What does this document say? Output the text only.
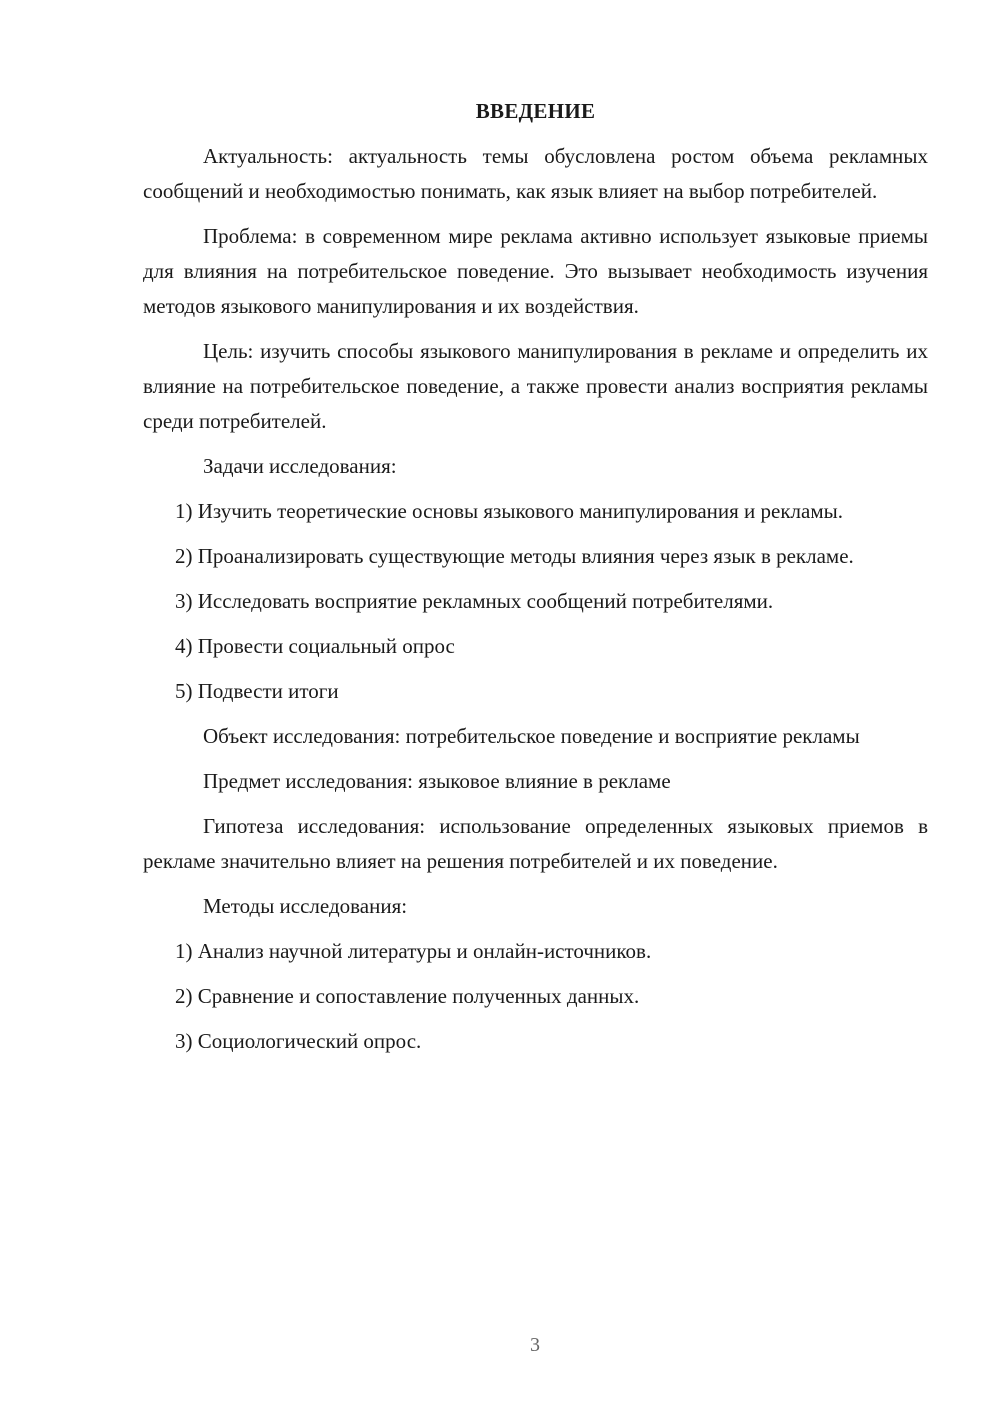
ВВЕДЕНИЕ

Актуальность: актуальность темы обусловлена ростом объема рекламных сообщений и необходимостью понимать, как язык влияет на выбор потребителей.

Проблема: в современном мире реклама активно использует языковые приемы для влияния на потребительское поведение. Это вызывает необходимость изучения методов языкового манипулирования и их воздействия.

Цель: изучить способы языкового манипулирования в рекламе и определить их влияние на потребительское поведение, а также провести анализ восприятия рекламы среди потребителей.

Задачи исследования:

1) Изучить теоретические основы языкового манипулирования и рекламы.

2) Проанализировать существующие методы влияния через язык в рекламе.

3) Исследовать восприятие рекламных сообщений потребителями.

4) Провести социальный опрос

5) Подвести итоги

Объект исследования: потребительское поведение и восприятие рекламы

Предмет исследования: языковое влияние в рекламе

Гипотеза исследования: использование определенных языковых приемов в рекламе значительно влияет на решения потребителей и их поведение.

Методы исследования:

1) Анализ научной литературы и онлайн-источников.

2) Сравнение и сопоставление полученных данных.

3) Социологический опрос.

3
